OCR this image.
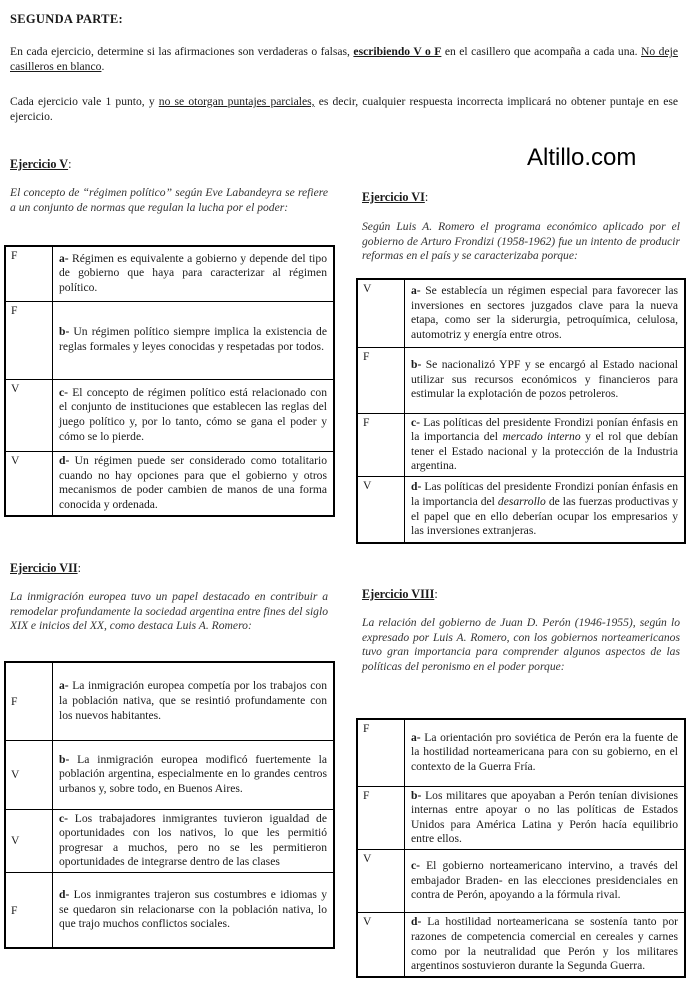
SEGUNDA PARTE:
En cada ejercicio, determine si las afirmaciones son verdaderas o falsas, escribiendo V o F en el casillero que acompaña a cada una. No deje casilleros en blanco.
Cada ejercicio vale 1 punto, y no se otorgan puntajes parciales, es decir, cualquier respuesta incorrecta implicará no obtener puntaje en ese ejercicio.
Altillo.com
Ejercicio V:
El concepto de “régimen político” según Eve Labandeyra se refiere a un conjunto de normas que regulan la lucha por el poder:
F	a- Régimen es equivalente a gobierno y depende del tipo de gobierno que haya para caracterizar al régimen político.
F	b- Un régimen político siempre implica la existencia de reglas formales y leyes conocidas y respetadas por todos.
V	c- El concepto de régimen político está relacionado con el conjunto de instituciones que establecen las reglas del juego político y, por lo tanto, cómo se gana el poder y cómo se lo pierde.
V	d- Un régimen puede ser considerado como totalitario cuando no hay opciones para que el gobierno y otros mecanismos de poder cambien de manos de una forma conocida y ordenada.
Ejercicio VI:
Según Luis A. Romero el programa económico aplicado por el gobierno de Arturo Frondizi (1958-1962) fue un intento de producir reformas en el país y se caracterizaba porque:
V	a- Se establecía un régimen especial para favorecer las inversiones en sectores juzgados clave para la nueva etapa, como ser la siderurgia, petroquímica, celulosa, automotriz y energía entre otros.
F	b- Se nacionalizó YPF y se encargó al Estado nacional utilizar sus recursos económicos y financieros para estimular la explotación de pozos petroleros.
F	c- Las políticas del presidente Frondizi ponían énfasis en la importancia del mercado interno y el rol que debían tener el Estado nacional y la protección de la Industria argentina.
V	d- Las políticas del presidente Frondizi ponían énfasis en la importancia del desarrollo de las fuerzas productivas y el papel que en ello deberían ocupar los empresarios y las inversiones extranjeras.
Ejercicio VII:
La inmigración europea tuvo un papel destacado en contribuir a remodelar profundamente la sociedad argentina entre fines del siglo XIX e inicios del XX, como destaca Luis A. Romero:
F	a- La inmigración europea competía por los trabajos con la población nativa, que se resintió profundamente con los nuevos habitantes.
V	b- La inmigración europea modificó fuertemente la población argentina, especialmente en lo grandes centros urbanos y, sobre todo, en Buenos Aires.
V	c- Los trabajadores inmigrantes tuvieron igualdad de oportunidades con los nativos, lo que les permitió progresar a muchos, pero no se les permitieron oportunidades de integrarse dentro de las clases
F	d- Los inmigrantes trajeron sus costumbres e idiomas y se quedaron sin relacionarse con la población nativa, lo que trajo muchos conflictos sociales.
Ejercicio VIII:
La relación del gobierno de Juan D. Perón (1946-1955), según lo expresado por Luis A. Romero, con los gobiernos norteamericanos tuvo gran importancia para comprender algunos aspectos de las políticas del peronismo en el poder porque:
F	a- La orientación pro soviética de Perón era la fuente de la hostilidad norteamericana para con su gobierno, en el contexto de la Guerra Fría.
F	b- Los militares que apoyaban a Perón tenían divisiones internas entre apoyar o no las políticas de Estados Unidos para América Latina y Perón hacía equilibrio entre ellos.
V	c- El gobierno norteamericano intervino, a través del embajador Braden- en las elecciones presidenciales en contra de Perón, apoyando a la fórmula rival.
V	d- La hostilidad norteamericana se sostenía tanto por razones de competencia comercial en cereales y carnes como por la neutralidad que Perón y los militares argentinos sostuvieron durante la Segunda Guerra.
